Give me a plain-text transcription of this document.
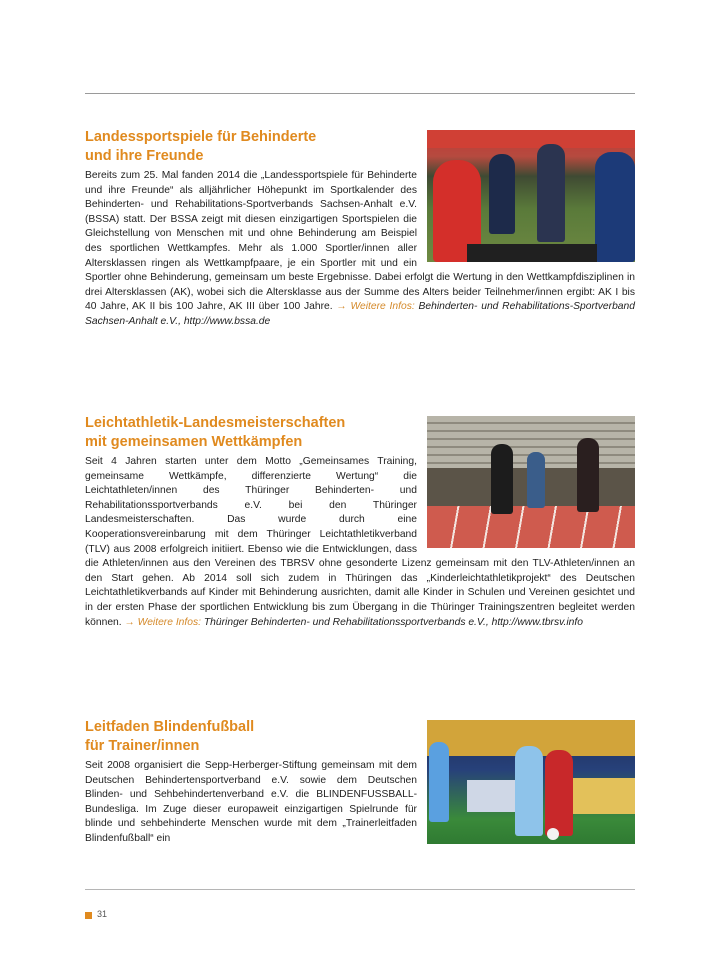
Landessportspiele für Behinderte
und ihre Freunde

Bereits zum 25. Mal fanden 2014 die „Landessportspiele für Behinderte und ihre Freunde“ als alljährlicher Höhepunkt im Sportkalender des Behinderten- und Rehabilitations-Sportverbands Sachsen-Anhalt e.V. (BSSA) statt. Der BSSA zeigt mit diesen einzigartigen Sportspielen die Gleichstellung von Menschen mit und ohne Behinderung am Beispiel des sportlichen Wettkampfes. Mehr als 1.000 Sportler/innen aller Altersklassen ringen als Wettkampfpaare, je ein Sportler mit und ein Sportler ohne Behinderung, gemeinsam um beste Ergebnisse. Dabei erfolgt die Wertung in den Wettkampfdisziplinen in drei Altersklassen (AK), wobei sich die Altersklasse aus der Summe des Alters beider Teilnehmer/innen ergibt: AK I bis 40 Jahre, AK II bis 100 Jahre, AK III über 100 Jahre. → Weitere Infos: Behinderten- und Rehabilitations-Sportverband Sachsen-Anhalt e.V., http://www.bssa.de

Leichtathletik-Landesmeisterschaften
mit gemeinsamen Wettkämpfen

Seit 4 Jahren starten unter dem Motto „Gemeinsames Training, gemeinsame Wettkämpfe, differenzierte Wertung“ die Leichtathleten/innen des Thüringer Behinderten- und Rehabilitationssportverbands e.V. bei den Thüringer Landesmeisterschaften. Das wurde durch eine Kooperationsvereinbarung mit dem Thüringer Leichtathletikverband (TLV) aus 2008 erfolgreich initiiert. Ebenso wie die Entwicklungen, dass die Athleten/innen aus den Vereinen des TBRSV ohne gesonderte Lizenz gemeinsam mit den TLV-Athleten/innen an den Start gehen. Ab 2014 soll sich zudem in Thüringen das „Kinderleichtathletikprojekt“ des Deutschen Leichtathletikverbands auf Kinder mit Behinderung ausrichten, damit alle Kinder in Schulen und Vereinen gesichtet und in der ersten Phase der sportlichen Entwicklung bis zum Übergang in die Thüringer Trainingszentren begleitet werden können. → Weitere Infos: Thüringer Behinderten- und Rehabilitationssportverbands e.V., http://www.tbrsv.info

Leitfaden Blindenfußball
für Trainer/innen

Seit 2008 organisiert die Sepp-Herberger-Stiftung gemeinsam mit dem Deutschen Behindertensportverband e.V. sowie dem Deutschen Blinden- und Sehbehindertenverband e.V. die BLINDENFUSSBALL-Bundesliga. Im Zuge dieser europaweit einzigartigen Spielrunde für blinde und sehbehinderte Menschen wurde mit dem „Trainerleitfaden Blindenfußball“ ein

31
